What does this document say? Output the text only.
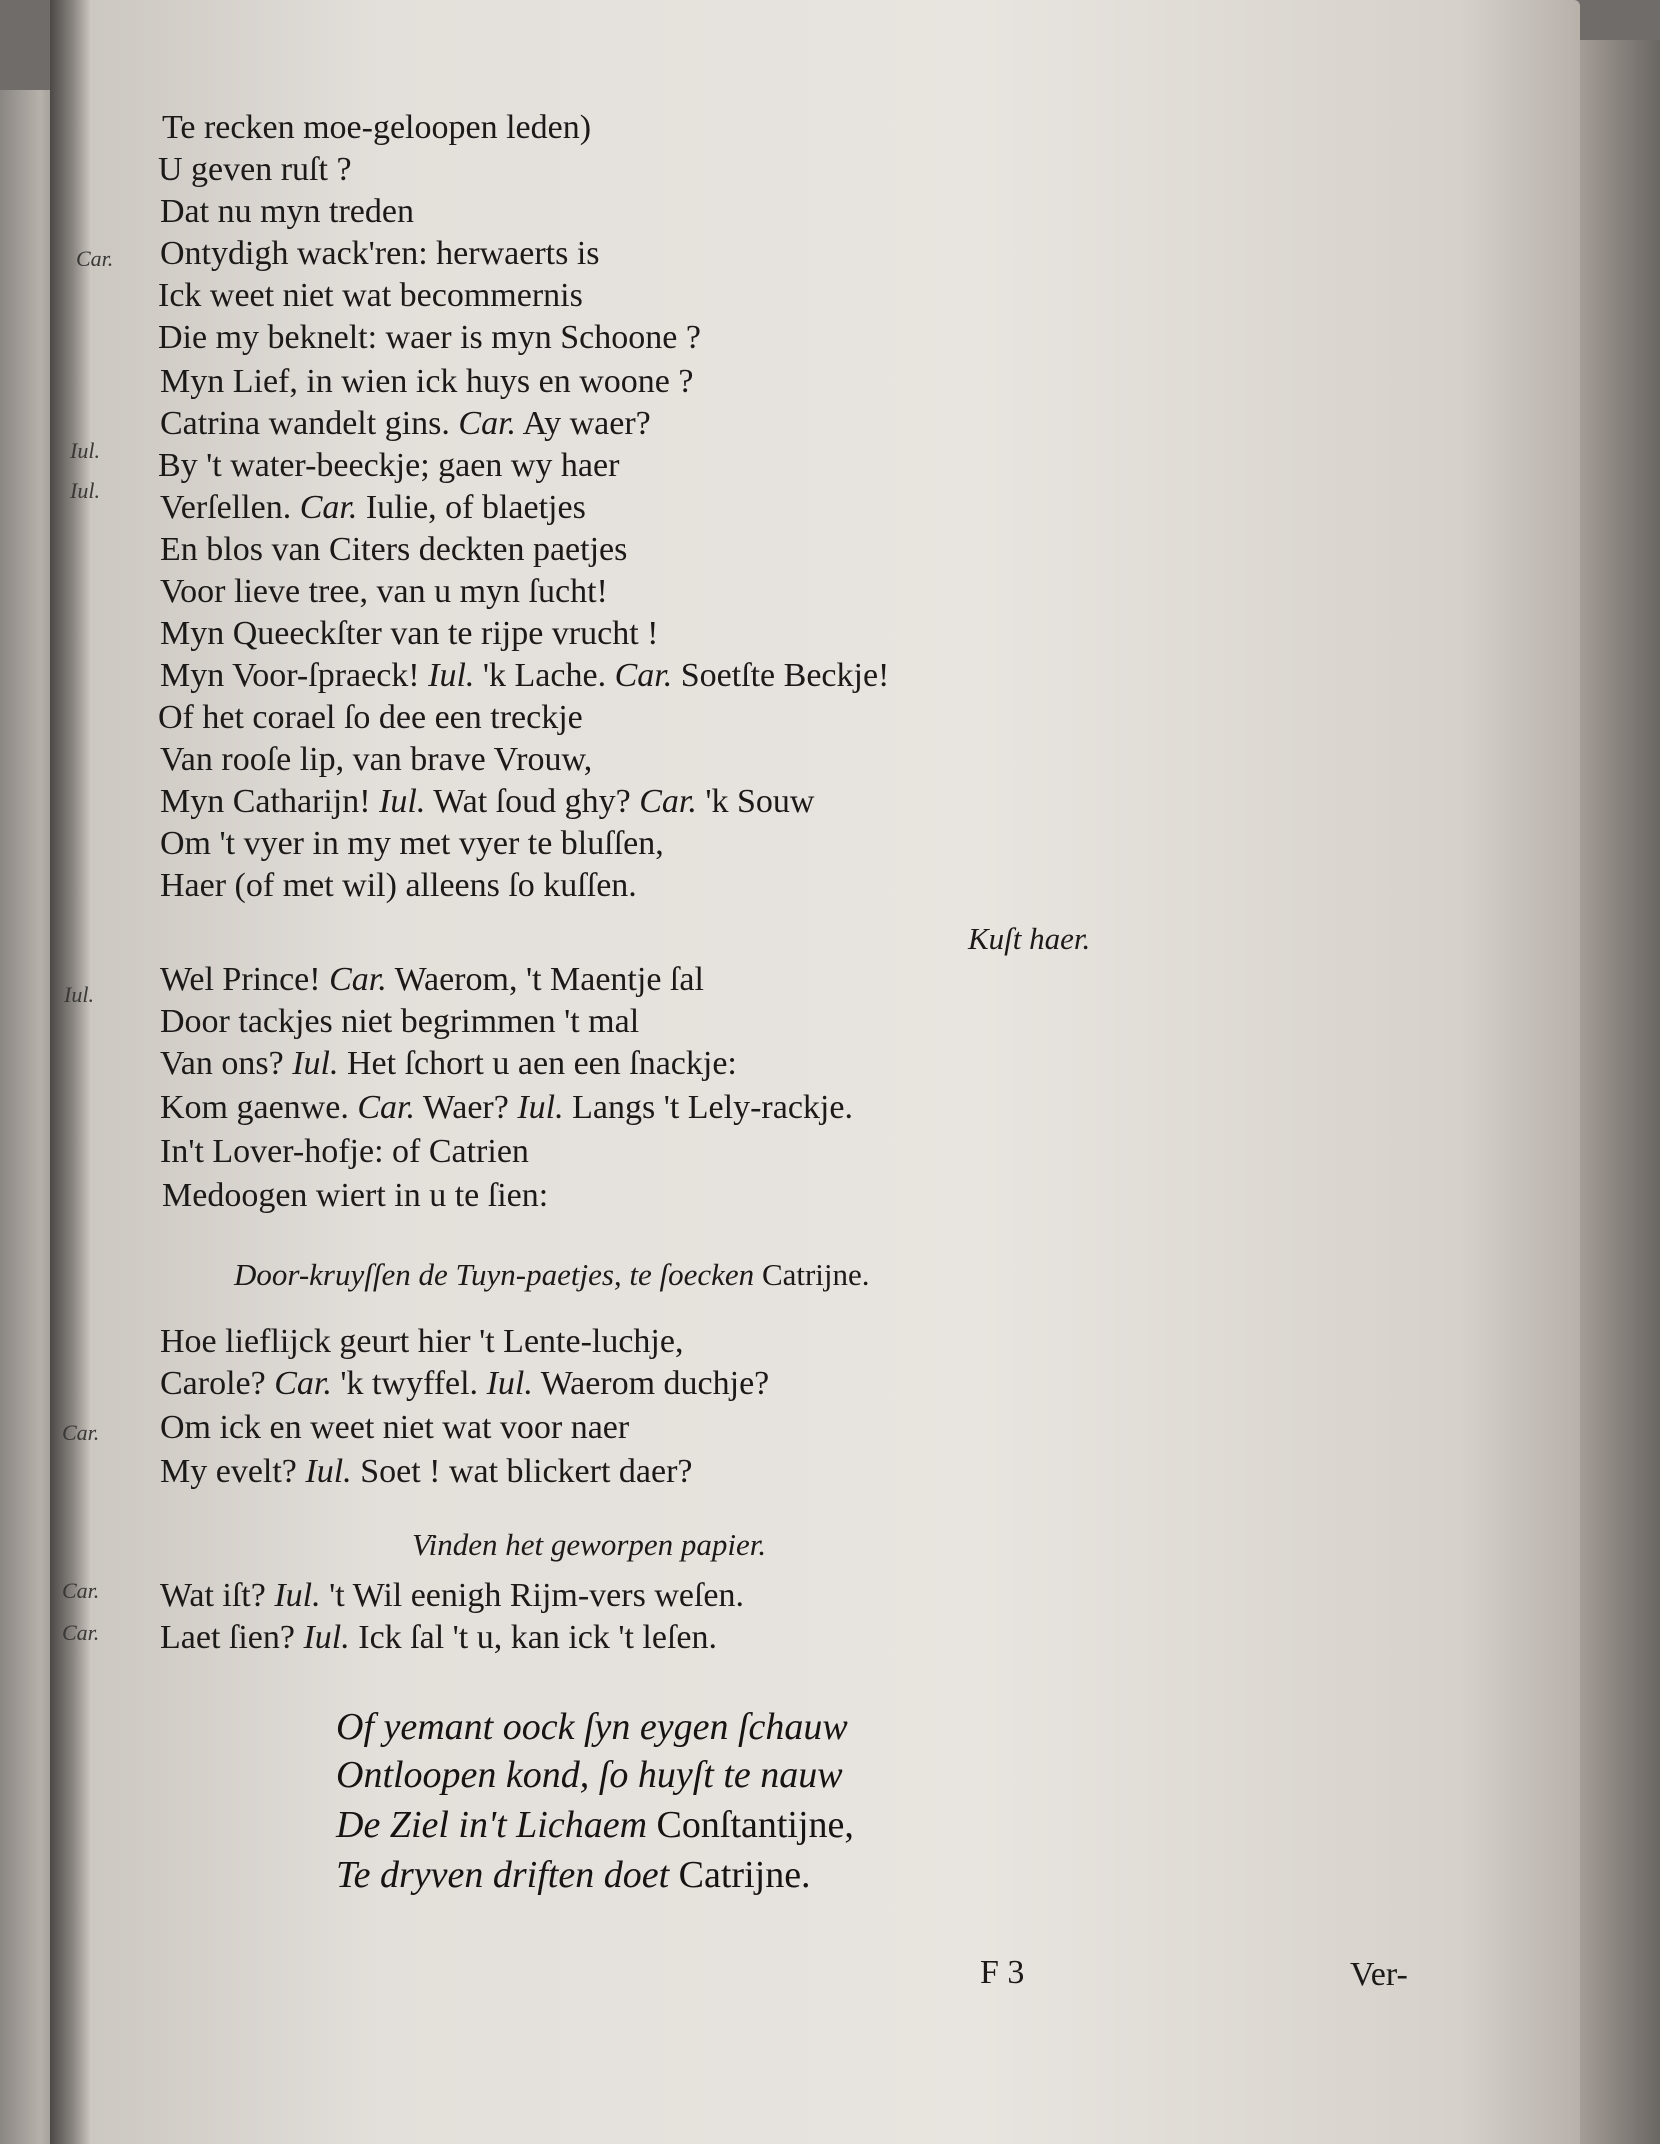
Car.

Iul.

Iul.

Iul.

Car.

Car.

Car.

Te recken moe-geloopen leden)

U geven ruſt ?

Dat nu myn treden

Ontydigh wack'ren: herwaerts is

Ick weet niet wat becommernis

Die my beknelt: waer is myn Schoone ?

Myn Lief, in wien ick huys en woone ?

Catrina wandelt gins. Car. Ay waer?

By 't water-beeckje; gaen wy haer

Verſellen. Car. Iulie, of blaetjes

En blos van Citers deckten paetjes

Voor lieve tree, van u myn ſucht!

Myn Queeckſter van te rijpe vrucht !

Myn Voor-ſpraeck! Iul. 'k Lache. Car. Soetſte Beckje!

Of het corael ſo dee een treckje

Van rooſe lip, van brave Vrouw,

Myn Catharijn! Iul. Wat ſoud ghy? Car. 'k Souw

Om 't vyer in my met vyer te bluſſen,

Haer (of met wil) alleens ſo kuſſen.

Kuſt haer.

Wel Prince! Car. Waerom, 't Maentje ſal

Door tackjes niet begrimmen 't mal

Van ons? Iul. Het ſchort u aen een ſnackje:

Kom gaenwe. Car. Waer? Iul. Langs 't Lely-rackje.

In't Lover-hofje: of Catrien

Medoogen wiert in u te ſien:

Door-kruyſſen de Tuyn-paetjes, te ſoecken Catrijne.

Hoe lieflijck geurt hier 't Lente-luchje,

Carole? Car. 'k twyffel. Iul. Waerom duchje?

Om ick en weet niet wat voor naer

My evelt? Iul. Soet ! wat blickert daer?

Vinden het geworpen papier.

Wat iſt? Iul. 't Wil eenigh Rijm-vers weſen.

Laet ſien? Iul. Ick ſal 't u, kan ick 't leſen.

Of yemant oock ſyn eygen ſchauw

Ontloopen kond, ſo huyſt te nauw

De Ziel in't Lichaem Conſtantijne,

Te dryven driften doet Catrijne.

F 3	Ver-
